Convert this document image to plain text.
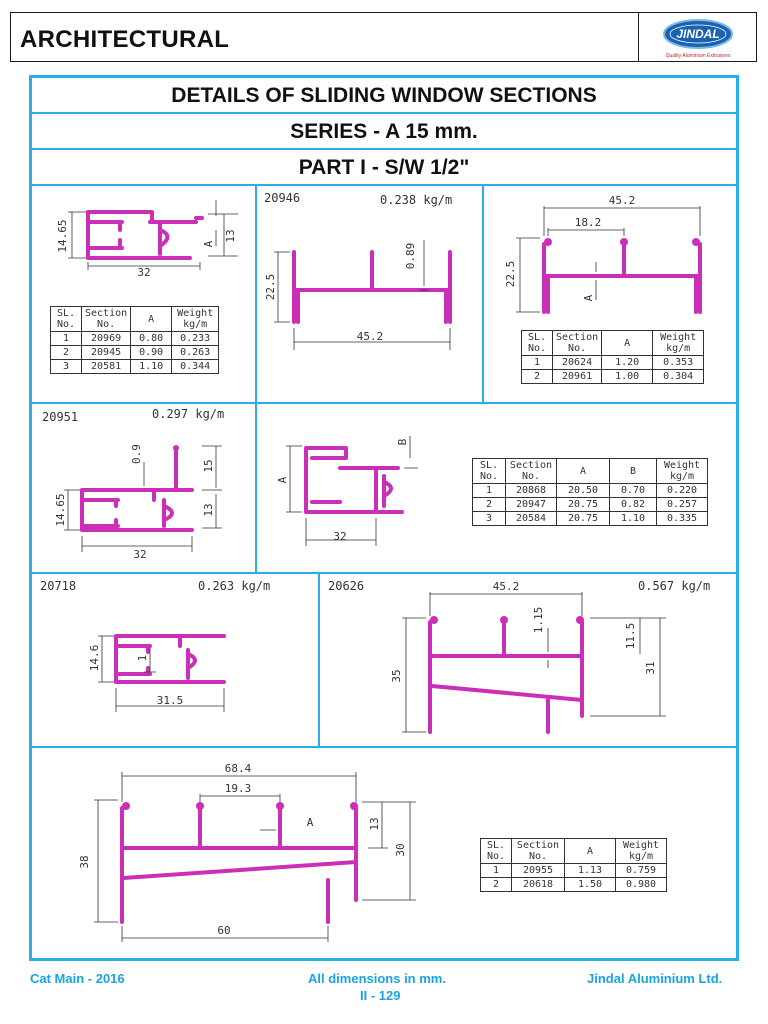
ARCHITECTURAL	JINDAL
Quality Aluminium Extrusions
DETAILS OF SLIDING WINDOW SECTIONS
SERIES - A 15 mm.
PART I - S/W 1/2"
14.65	13
A
32
SL. No.	Section No.	A	Weight kg/m
1	20969	0.80	0.233
2	20945	0.90	0.263
3	20581	1.10	0.344
20946	0.238 kg/m
22.5
0.89
45.2
45.2
18.2
22.5
A
SL. No.	Section No.	A	Weight kg/m
1	20624	1.20	0.353
2	20961	1.00	0.304
20951	0.297 kg/m
0.9
15
14.65	13
32
A
B
32
SL. No.	Section No.	A	B	Weight kg/m
1	20868	20.50	0.70	0.220
2	20947	20.75	0.82	0.257
3	20584	20.75	1.10	0.335
20718	0.263 kg/m
14.6	1
31.5
20626	0.567 kg/m
45.2
1.15
11.5
35
31
68.4
19.3
A	13
38
30
60
SL. No.	Section No.	A	Weight kg/m
1	20955	1.13	0.759
2	20618	1.50	0.980
Cat Main - 2016	All dimensions in mm.
II - 129
Jindal Aluminium Ltd.
